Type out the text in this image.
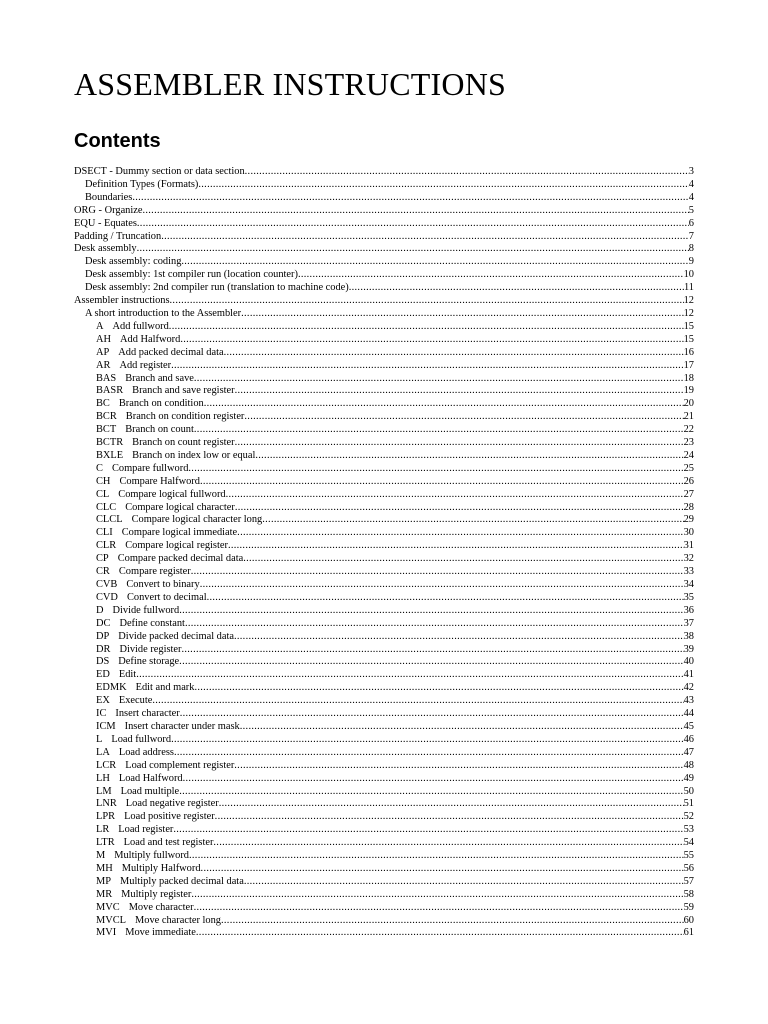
ASSEMBLER INSTRUCTIONS
Contents
DSECT - Dummy section or data section .....	3
Definition Types (Formats) .....	4
Boundaries .....	4
ORG - Organize .....	5
EQU - Equates .....	6
Padding / Truncation .....	7
Desk assembly .....	8
Desk assembly: coding .....	9
Desk assembly: 1st compiler run (location counter) .....	10
Desk assembly: 2nd compiler run (translation to machine code) .....	11
Assembler instructions .....	12
A short introduction to the Assembler .....	12
A Add fullword .....	15
AH Add Halfword .....	15
AP Add packed decimal data .....	16
AR Add register .....	17
BAS Branch and save .....	18
BASR Branch and save register .....	19
BC Branch on condition .....	20
BCR Branch on condition register .....	21
BCT Branch on count .....	22
BCTR Branch on count register .....	23
BXLE Branch on index low or equal .....	24
C Compare fullword .....	25
CH Compare Halfword .....	26
CL Compare logical fullword .....	27
CLC Compare logical character .....	28
CLCL Compare logical character long .....	29
CLI Compare logical immediate .....	30
CLR Compare logical register .....	31
CP Compare packed decimal data .....	32
CR Compare register .....	33
CVB Convert to binary .....	34
CVD Convert to decimal .....	35
D Divide fullword .....	36
DC Define constant .....	37
DP Divide packed decimal data .....	38
DR Divide register .....	39
DS Define storage .....	40
ED Edit .....	41
EDMK Edit and mark .....	42
EX Execute .....	43
IC Insert character .....	44
ICM Insert character under mask .....	45
L Load fullword .....	46
LA Load address .....	47
LCR Load complement register .....	48
LH Load Halfword .....	49
LM Load multiple .....	50
LNR Load negative register .....	51
LPR Load positive register .....	52
LR Load register .....	53
LTR Load and test register .....	54
M Multiply fullword .....	55
MH Multiply Halfword .....	56
MP Multiply packed decimal data .....	57
MR Multiply register .....	58
MVC Move character .....	59
MVCL Move character long .....	60
MVI Move immediate .....	61
